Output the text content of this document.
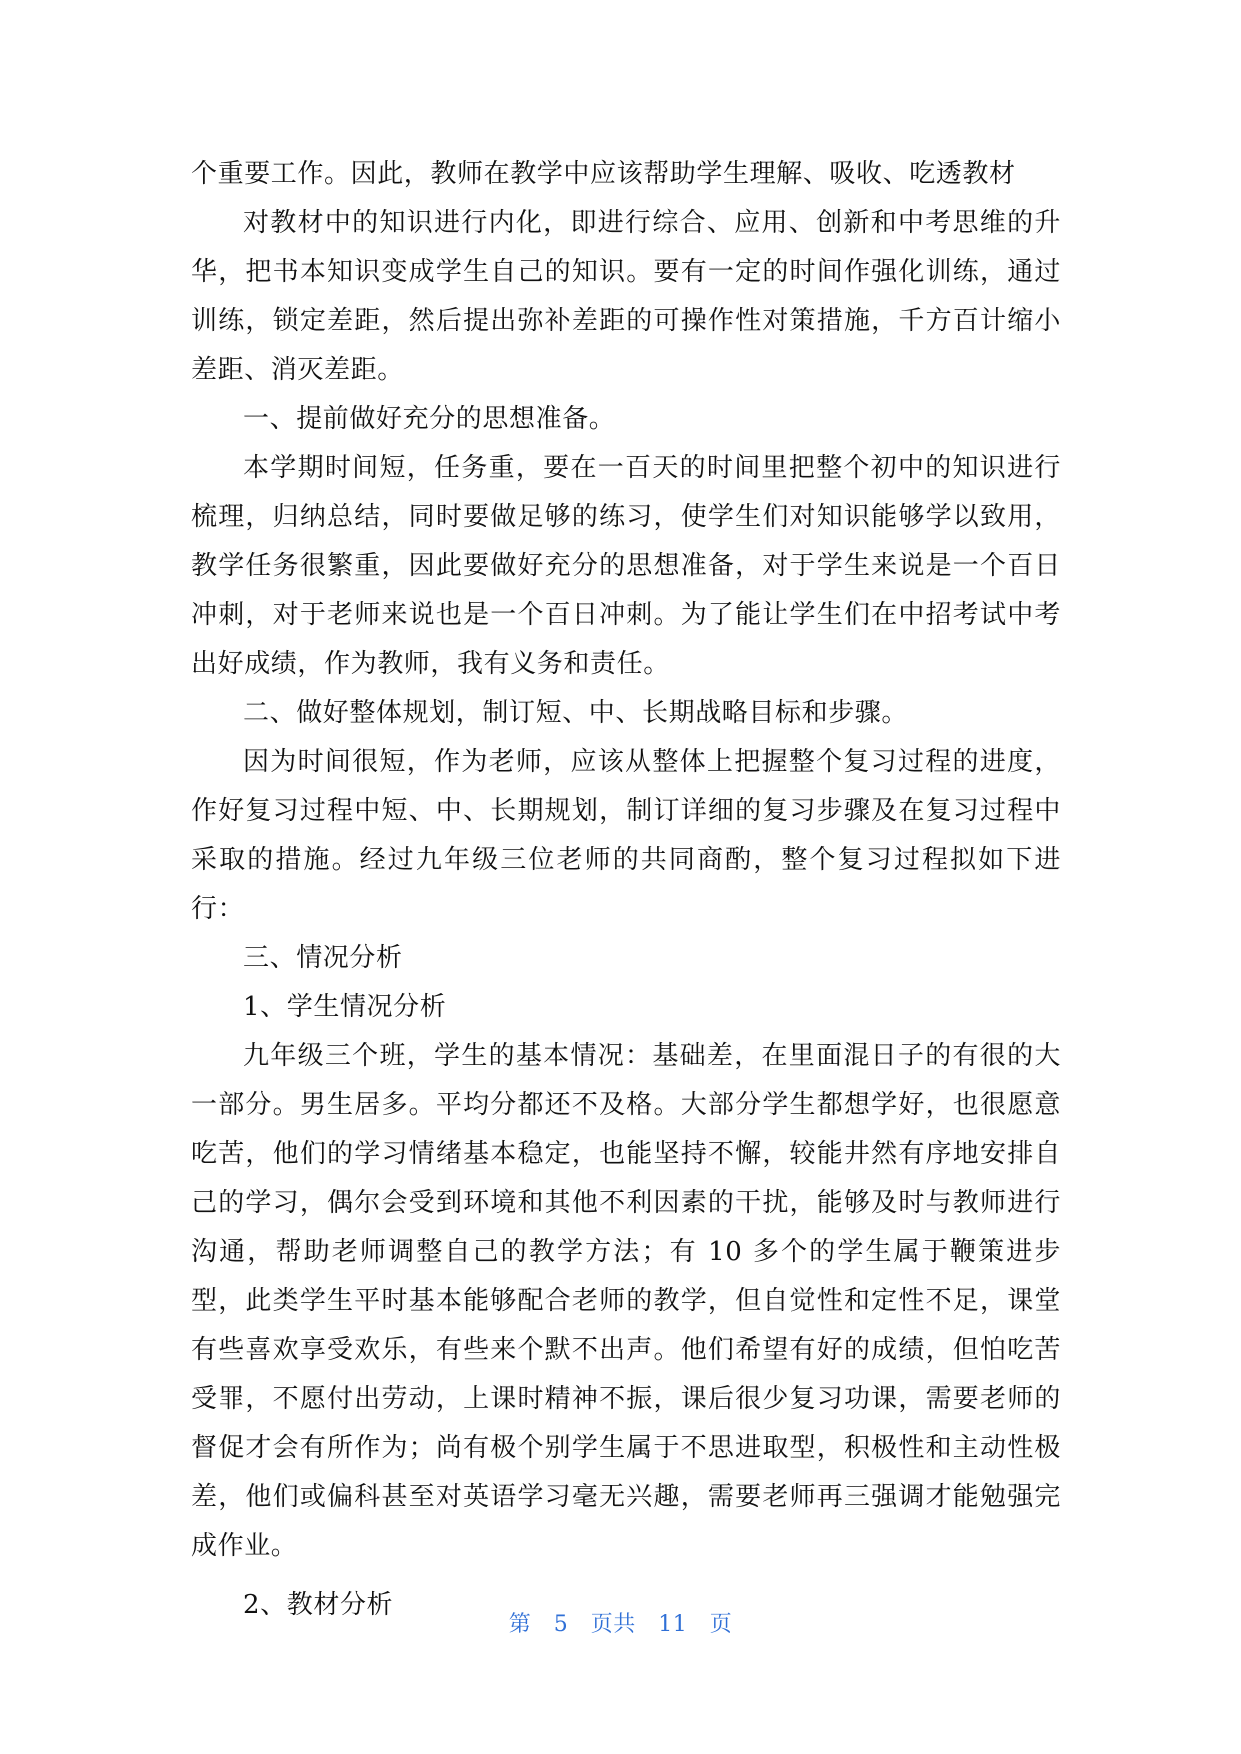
个重要工作。因此，教师在教学中应该帮助学生理解、吸收、吃透教材

对教材中的知识进行内化，即进行综合、应用、创新和中考思维的升华，把书本知识变成学生自己的知识。要有一定的时间作强化训练，通过训练，锁定差距，然后提出弥补差距的可操作性对策措施，千方百计缩小差距、消灭差距。

一、提前做好充分的思想准备。

本学期时间短，任务重，要在一百天的时间里把整个初中的知识进行梳理，归纳总结，同时要做足够的练习，使学生们对知识能够学以致用，教学任务很繁重，因此要做好充分的思想准备，对于学生来说是一个百日冲刺，对于老师来说也是一个百日冲刺。为了能让学生们在中招考试中考出好成绩，作为教师，我有义务和责任。

二、做好整体规划，制订短、中、长期战略目标和步骤。

因为时间很短，作为老师，应该从整体上把握整个复习过程的进度，作好复习过程中短、中、长期规划，制订详细的复习步骤及在复习过程中采取的措施。经过九年级三位老师的共同商酌，整个复习过程拟如下进行：

三、情况分析

1、学生情况分析

九年级三个班，学生的基本情况：基础差，在里面混日子的有很的大一部分。男生居多。平均分都还不及格。大部分学生都想学好，也很愿意吃苦，他们的学习情绪基本稳定，也能坚持不懈，较能井然有序地安排自己的学习，偶尔会受到环境和其他不利因素的干扰，能够及时与教师进行沟通，帮助老师调整自己的教学方法；有 10 多个的学生属于鞭策进步型，此类学生平时基本能够配合老师的教学，但自觉性和定性不足，课堂有些喜欢享受欢乐，有些来个默不出声。他们希望有好的成绩，但怕吃苦受罪，不愿付出劳动，上课时精神不振，课后很少复习功课，需要老师的督促才会有所作为；尚有极个别学生属于不思进取型，积极性和主动性极差，他们或偏科甚至对英语学习毫无兴趣，需要老师再三强调才能勉强完成作业。

2、教材分析

第 5 页共 11 页
